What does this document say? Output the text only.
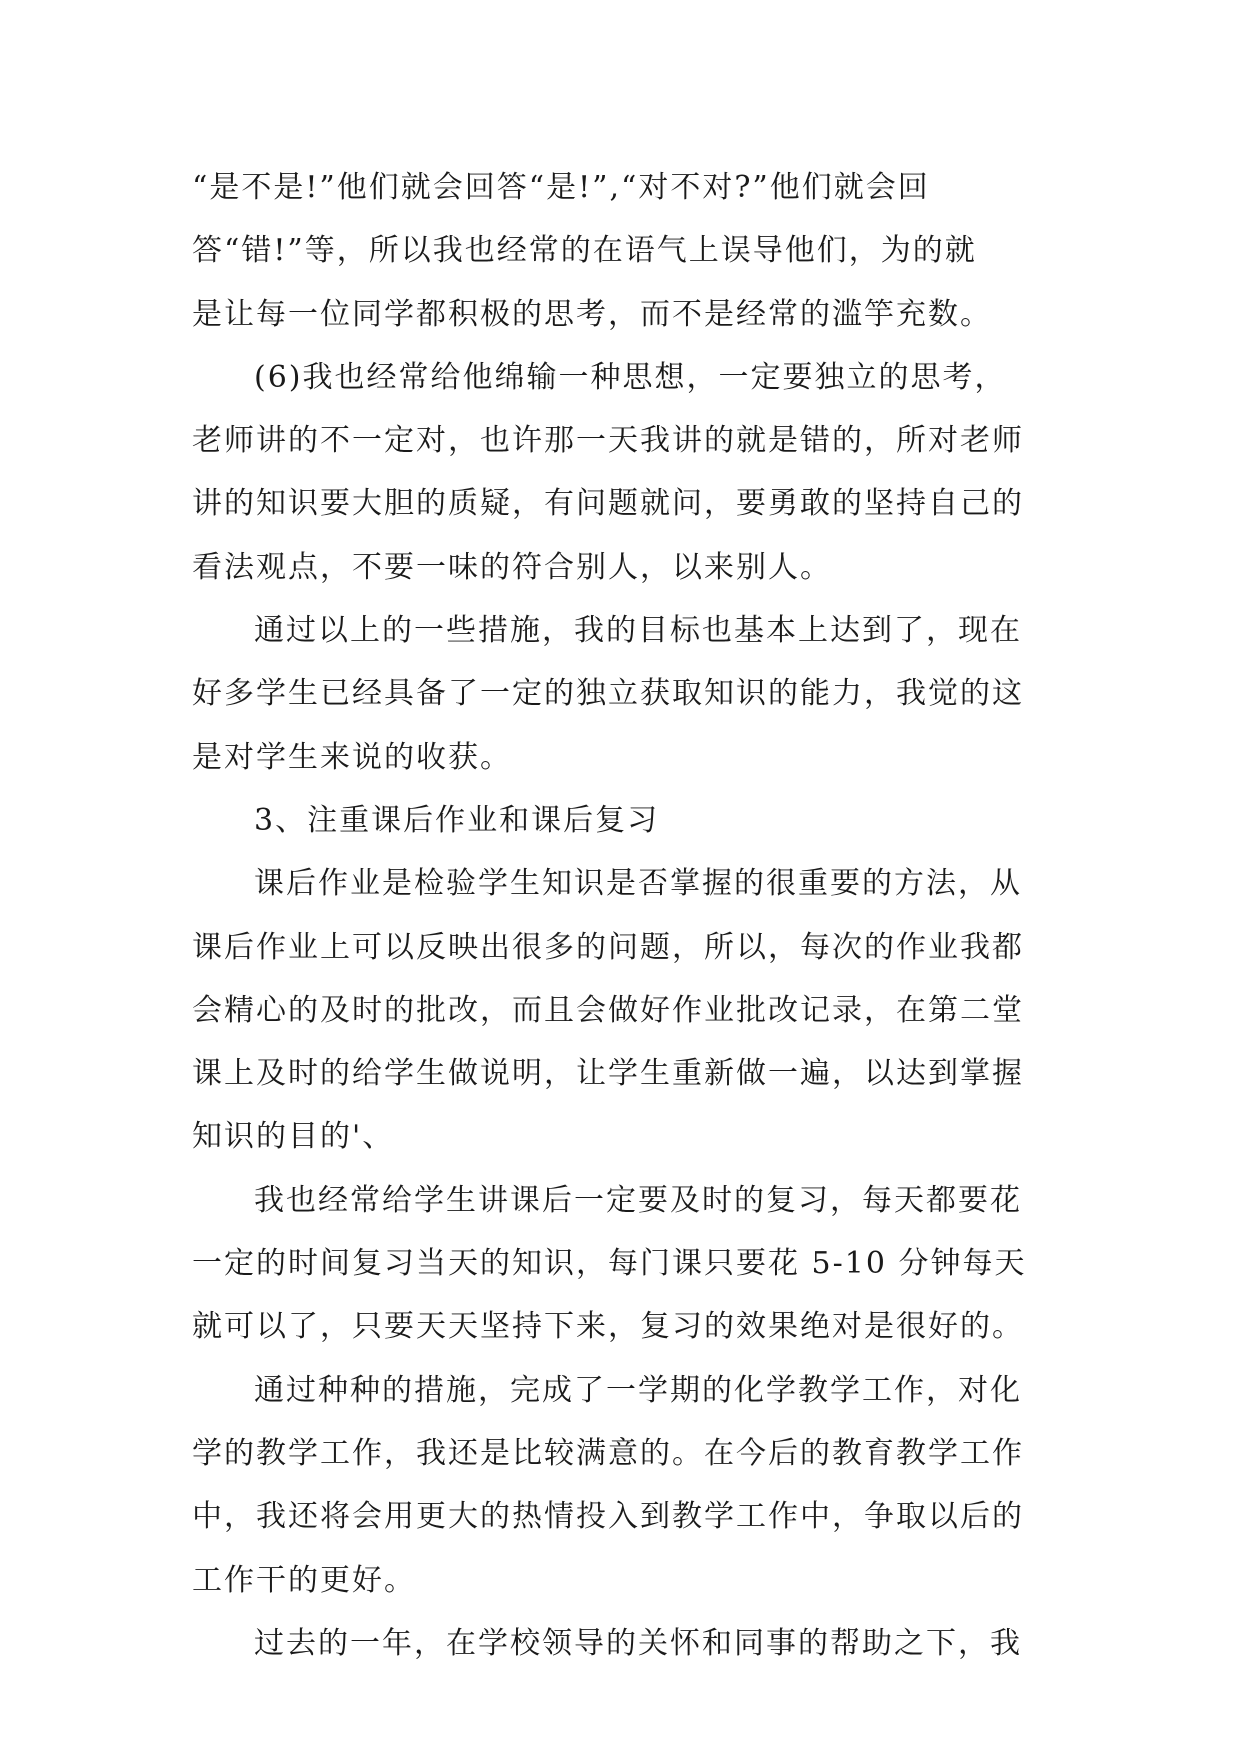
“是不是!”他们就会回答“是!”,“对不对?”他们就会回
答“错!”等，所以我也经常的在语气上误导他们，为的就
是让每一位同学都积极的思考，而不是经常的滥竽充数。
(6)我也经常给他绵输一种思想，一定要独立的思考，
老师讲的不一定对，也许那一天我讲的就是错的，所对老师
讲的知识要大胆的质疑，有问题就问，要勇敢的坚持自己的
看法观点，不要一味的符合别人，以来别人。
通过以上的一些措施，我的目标也基本上达到了，现在
好多学生已经具备了一定的独立获取知识的能力，我觉的这
是对学生来说的收获。
3、注重课后作业和课后复习
课后作业是检验学生知识是否掌握的很重要的方法，从
课后作业上可以反映出很多的问题，所以，每次的作业我都
会精心的及时的批改，而且会做好作业批改记录，在第二堂
课上及时的给学生做说明，让学生重新做一遍，以达到掌握
知识的目的'、
我也经常给学生讲课后一定要及时的复习，每天都要花
一定的时间复习当天的知识，每门课只要花 5-10 分钟每天
就可以了，只要天天坚持下来，复习的效果绝对是很好的。
通过种种的措施，完成了一学期的化学教学工作，对化
学的教学工作，我还是比较满意的。在今后的教育教学工作
中，我还将会用更大的热情投入到教学工作中，争取以后的
工作干的更好。
过去的一年，在学校领导的关怀和同事的帮助之下，我
